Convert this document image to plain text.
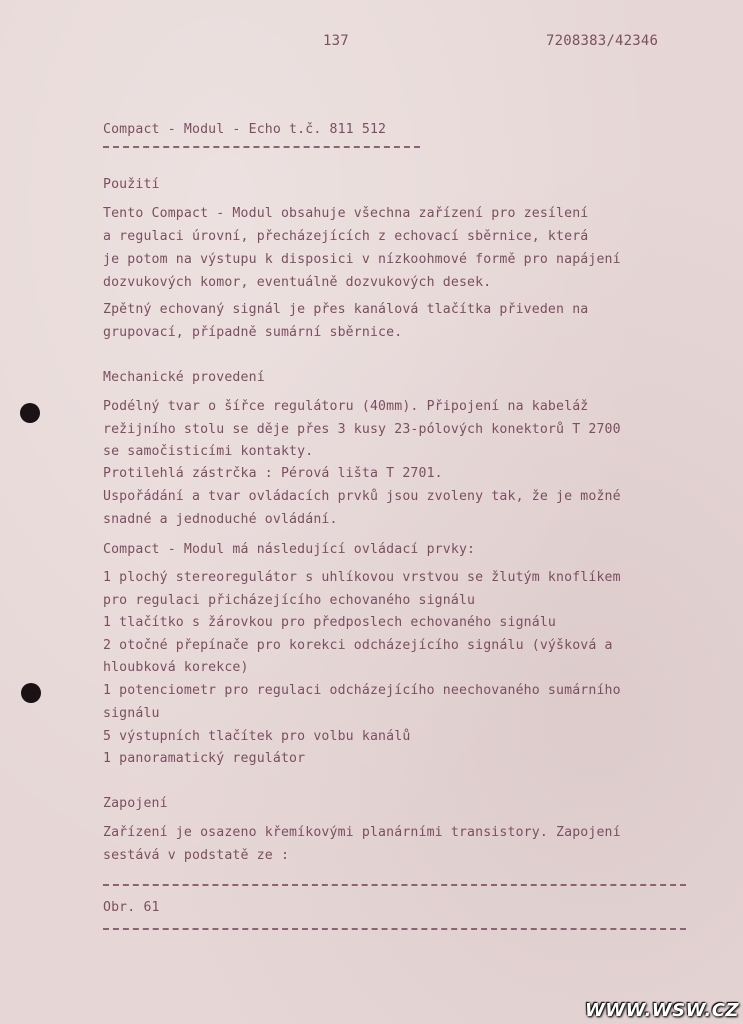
137	7208383/42346
Compact - Modul - Echo t.č. 811 512
Použití
Tento Compact - Modul obsahuje všechna zařízení pro zesílení
a regulaci úrovní, přecházejících z echovací sběrnice, která
je potom na výstupu k disposici v nízkoohmové formě pro napájení
dozvukových komor, eventuálně dozvukových desek.
Zpětný echovaný signál je přes kanálová tlačítka přiveden na
grupovací, případně sumární sběrnice.
Mechanické provedení
Podélný tvar o šířce regulátoru (40mm). Připojení na kabeláž
režijního stolu se děje přes 3 kusy 23-pólových konektorů T 2700
se samočisticími kontakty.
Protilehlá zástrčka : Pérová lišta T 2701.
Uspořádání a tvar ovládacích prvků jsou zvoleny tak, že je možné
snadné a jednoduché ovládání.
Compact - Modul má následující ovládací prvky:
1 plochý stereoregulátor s uhlíkovou vrstvou se žlutým knoflíkem
pro regulaci přicházejícího echovaného signálu
1 tlačítko s žárovkou pro předposlech echovaného signálu
2 otočné přepínače pro korekci odcházejícího signálu (výšková a
hloubková korekce)
1 potenciometr pro regulaci odcházejícího neechovaného sumárního
signálu
5 výstupních tlačítek pro volbu kanálů
1 panoramatický regulátor
Zapojení
Zařízení je osazeno křemíkovými planárními transistory. Zapojení
sestává v podstatě ze :
Obr. 61
WWW.WSW.CZ
